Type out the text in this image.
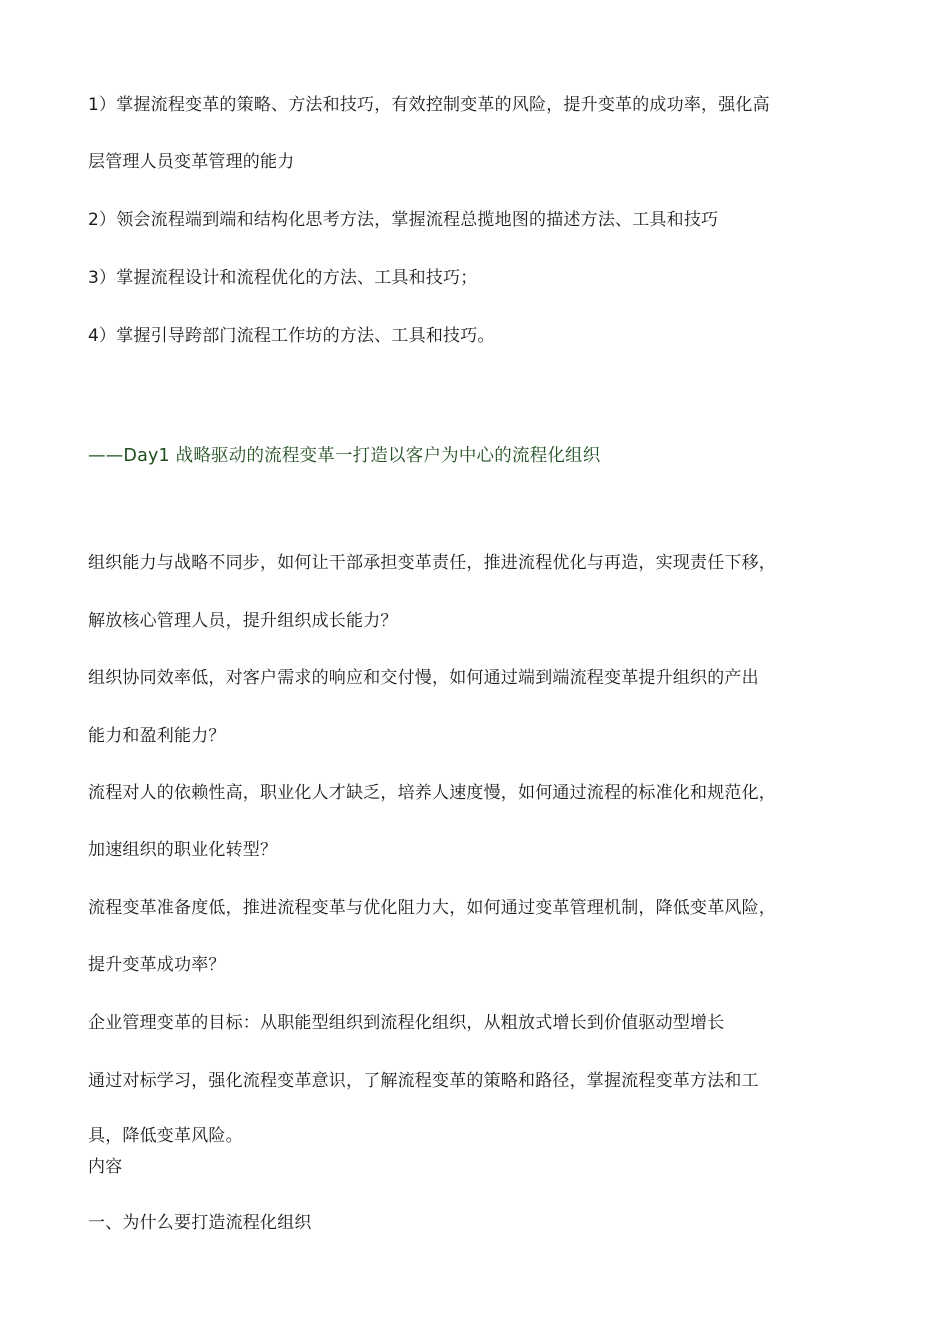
1）掌握流程变革的策略、方法和技巧，有效控制变革的风险，提升变革的成功率，强化高
层管理人员变革管理的能力
2）领会流程端到端和结构化思考方法，掌握流程总揽地图的描述方法、工具和技巧
3）掌握流程设计和流程优化的方法、工具和技巧；
4）掌握引导跨部门流程工作坊的方法、工具和技巧。
——Day1 战略驱动的流程变革一打造以客户为中心的流程化组织
组织能力与战略不同步，如何让干部承担变革责任，推进流程优化与再造，实现责任下移，
解放核心管理人员，提升组织成长能力？
组织协同效率低，对客户需求的响应和交付慢，如何通过端到端流程变革提升组织的产出
能力和盈利能力？
流程对人的依赖性高，职业化人才缺乏，培养人速度慢，如何通过流程的标准化和规范化，
加速组织的职业化转型？
流程变革准备度低，推进流程变革与优化阻力大，如何通过变革管理机制，降低变革风险，
提升变革成功率？
企业管理变革的目标：从职能型组织到流程化组织，从粗放式增长到价值驱动型增长
通过对标学习，强化流程变革意识，了解流程变革的策略和路径，掌握流程变革方法和工
具，降低变革风险。
内容
一、为什么要打造流程化组织
